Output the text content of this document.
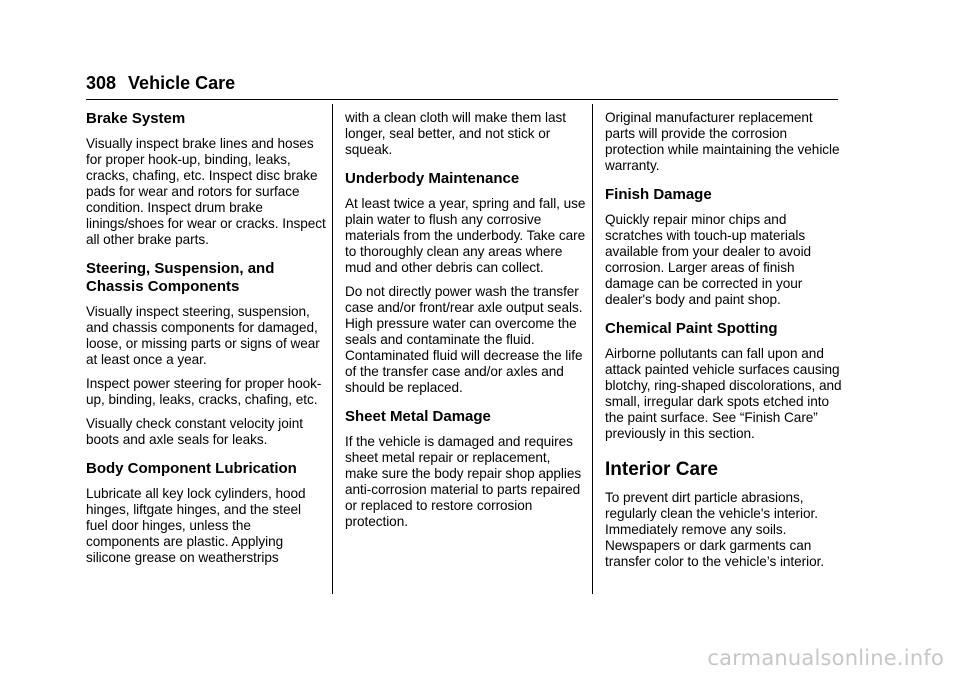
308 Vehicle Care
Brake System

Visually inspect brake lines and hoses for proper hook-up, binding, leaks, cracks, chafing, etc. Inspect disc brake pads for wear and rotors for surface condition. Inspect drum brake linings/shoes for wear or cracks. Inspect all other brake parts.

Steering, Suspension, and Chassis Components

Visually inspect steering, suspension, and chassis components for damaged, loose, or missing parts or signs of wear at least once a year.

Inspect power steering for proper hook-up, binding, leaks, cracks, chafing, etc.

Visually check constant velocity joint boots and axle seals for leaks.

Body Component Lubrication

Lubricate all key lock cylinders, hood hinges, liftgate hinges, and the steel fuel door hinges, unless the components are plastic. Applying silicone grease on weatherstrips

with a clean cloth will make them last longer, seal better, and not stick or squeak.

Underbody Maintenance

At least twice a year, spring and fall, use plain water to flush any corrosive materials from the underbody. Take care to thoroughly clean any areas where mud and other debris can collect.

Do not directly power wash the transfer case and/or front/rear axle output seals. High pressure water can overcome the seals and contaminate the fluid. Contaminated fluid will decrease the life of the transfer case and/or axles and should be replaced.

Sheet Metal Damage

If the vehicle is damaged and requires sheet metal repair or replacement, make sure the body repair shop applies anti-corrosion material to parts repaired or replaced to restore corrosion protection.

Original manufacturer replacement parts will provide the corrosion protection while maintaining the vehicle warranty.

Finish Damage

Quickly repair minor chips and scratches with touch-up materials available from your dealer to avoid corrosion. Larger areas of finish damage can be corrected in your dealer's body and paint shop.

Chemical Paint Spotting

Airborne pollutants can fall upon and attack painted vehicle surfaces causing blotchy, ring-shaped discolorations, and small, irregular dark spots etched into the paint surface. See “Finish Care” previously in this section.

Interior Care

To prevent dirt particle abrasions, regularly clean the vehicle's interior. Immediately remove any soils. Newspapers or dark garments can transfer color to the vehicle’s interior.

carmanualsonline.info
